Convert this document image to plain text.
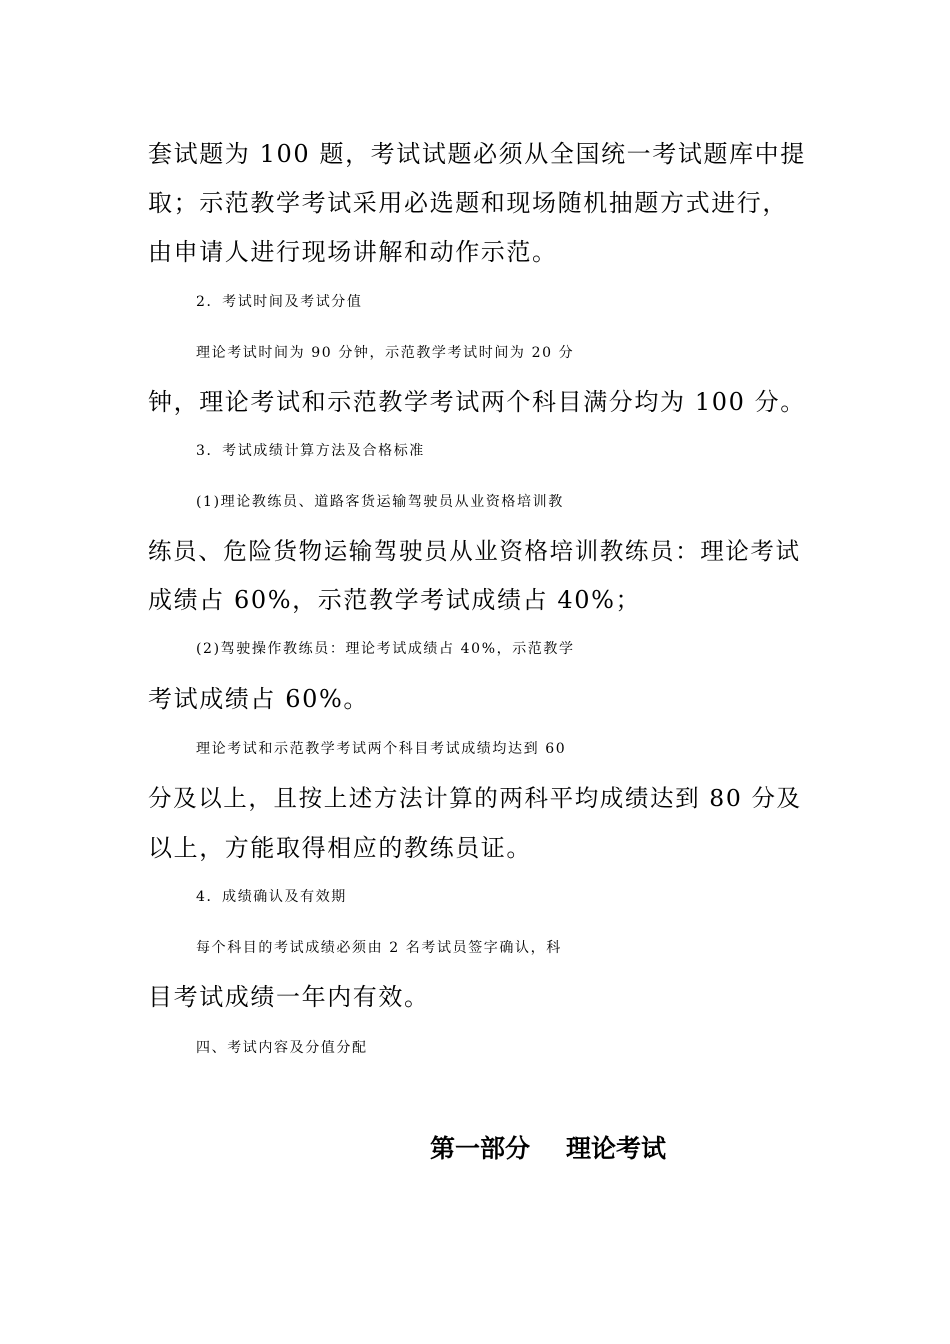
套试题为 100 题，考试试题必须从全国统一考试题库中提
取；示范教学考试采用必选题和现场随机抽题方式进行，
由申请人进行现场讲解和动作示范。
2．考试时间及考试分值
理论考试时间为 90 分钟，示范教学考试时间为 20 分
钟，理论考试和示范教学考试两个科目满分均为 100 分。
3．考试成绩计算方法及合格标准
(1)理论教练员、道路客货运输驾驶员从业资格培训教
练员、危险货物运输驾驶员从业资格培训教练员：理论考试
成绩占 60%，示范教学考试成绩占 40%；
(2)驾驶操作教练员：理论考试成绩占 40%，示范教学
考试成绩占 60%。
理论考试和示范教学考试两个科目考试成绩均达到 60
分及以上，且按上述方法计算的两科平均成绩达到 80 分及
以上，方能取得相应的教练员证。
4．成绩确认及有效期
每个科目的考试成绩必须由 2 名考试员签字确认，科
目考试成绩一年内有效。
四、考试内容及分值分配
第一部分 理论考试
